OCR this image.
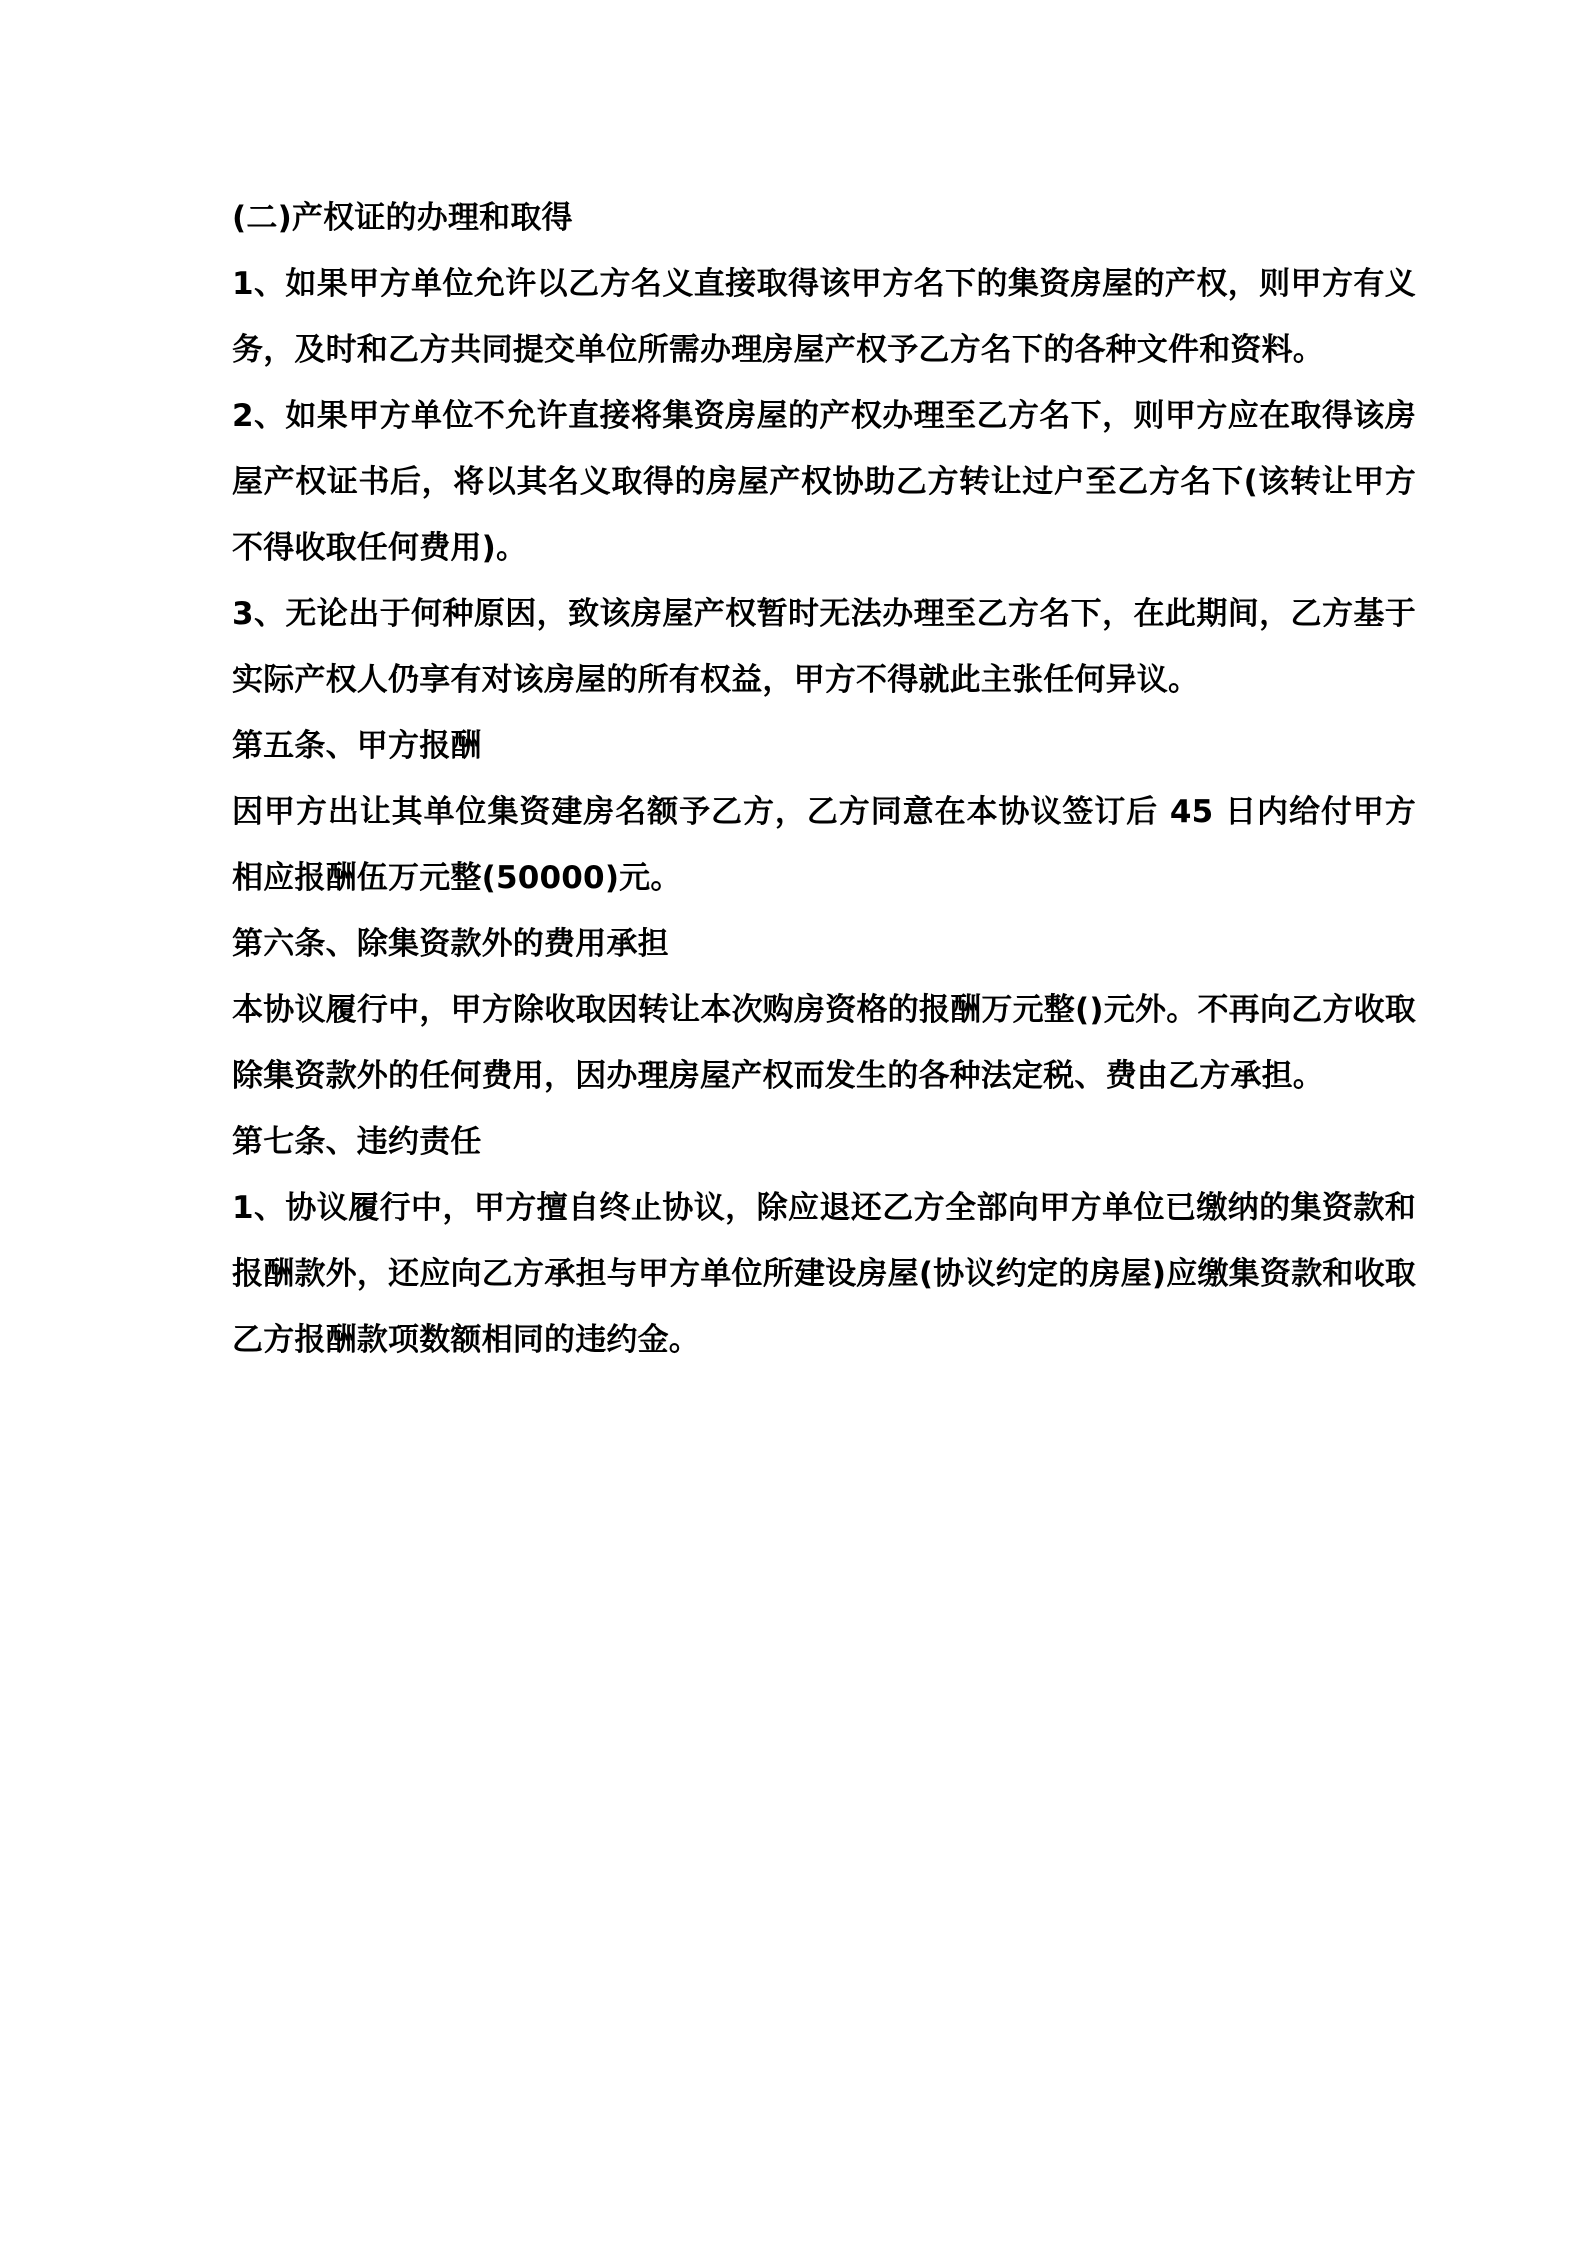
(二)产权证的办理和取得

1、如果甲方单位允许以乙方名义直接取得该甲方名下的集资房屋的产权，则甲方有义务，及时和乙方共同提交单位所需办理房屋产权予乙方名下的各种文件和资料。

2、如果甲方单位不允许直接将集资房屋的产权办理至乙方名下，则甲方应在取得该房屋产权证书后，将以其名义取得的房屋产权协助乙方转让过户至乙方名下(该转让甲方不得收取任何费用)。

3、无论出于何种原因，致该房屋产权暂时无法办理至乙方名下，在此期间，乙方基于实际产权人仍享有对该房屋的所有权益，甲方不得就此主张任何异议。

第五条、甲方报酬

因甲方出让其单位集资建房名额予乙方，乙方同意在本协议签订后 45 日内给付甲方相应报酬伍万元整(50000)元。

第六条、除集资款外的费用承担

本协议履行中，甲方除收取因转让本次购房资格的报酬万元整()元外。不再向乙方收取除集资款外的任何费用，因办理房屋产权而发生的各种法定税、费由乙方承担。

第七条、违约责任

1、协议履行中，甲方擅自终止协议，除应退还乙方全部向甲方单位已缴纳的集资款和报酬款外，还应向乙方承担与甲方单位所建设房屋(协议约定的房屋)应缴集资款和收取乙方报酬款项数额相同的违约金。
